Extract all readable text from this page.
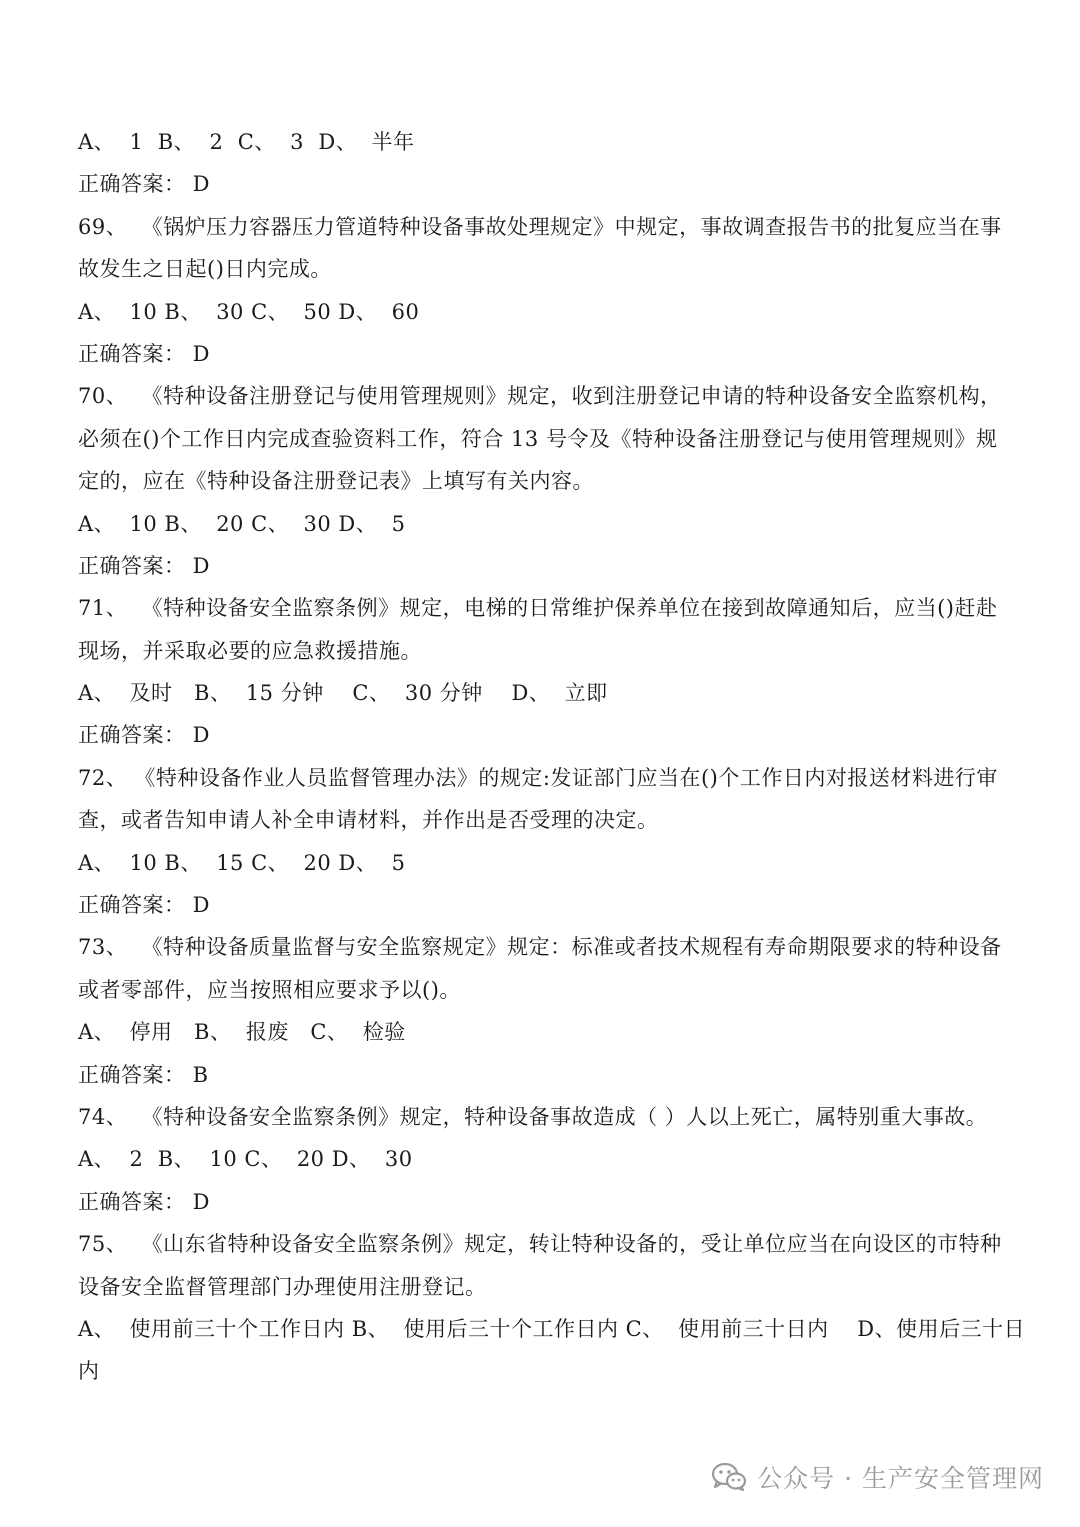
A、  1  B、  2  C、  3  D、  半年
正确答案： D
69、  《锅炉压力容器压力管道特种设备事故处理规定》中规定，事故调查报告书的批复应当在事
故发生之日起()日内完成。
A、  10 B、  30 C、  50 D、  60
正确答案： D
70、  《特种设备注册登记与使用管理规则》规定，收到注册登记申请的特种设备安全监察机构，
必须在()个工作日内完成查验资料工作，符合 13 号令及《特种设备注册登记与使用管理规则》规
定的，应在《特种设备注册登记表》上填写有关内容。
A、  10 B、  20 C、  30 D、  5
正确答案： D
71、  《特种设备安全监察条例》规定，电梯的日常维护保养单位在接到故障通知后，应当()赶赴
现场，并采取必要的应急救援措施。
A、  及时   B、  15 分钟    C、  30 分钟    D、  立即
正确答案： D
72、 《特种设备作业人员监督管理办法》的规定:发证部门应当在()个工作日内对报送材料进行审
查，或者告知申请人补全申请材料，并作出是否受理的决定。
A、  10 B、  15 C、  20 D、  5
正确答案： D
73、  《特种设备质量监督与安全监察规定》规定：标准或者技术规程有寿命期限要求的特种设备
或者零部件，应当按照相应要求予以()。
A、  停用   B、  报废   C、  检验
正确答案： B
74、  《特种设备安全监察条例》规定，特种设备事故造成（ ）人以上死亡，属特别重大事故。
A、  2  B、  10 C、  20 D、  30
正确答案： D
75、  《山东省特种设备安全监察条例》规定，转让特种设备的，受让单位应当在向设区的市特种
设备安全监督管理部门办理使用注册登记。
A、  使用前三十个工作日内 B、  使用后三十个工作日内 C、  使用前三十日内    D、使用后三十日
内
公众号 · 生产安全管理网
